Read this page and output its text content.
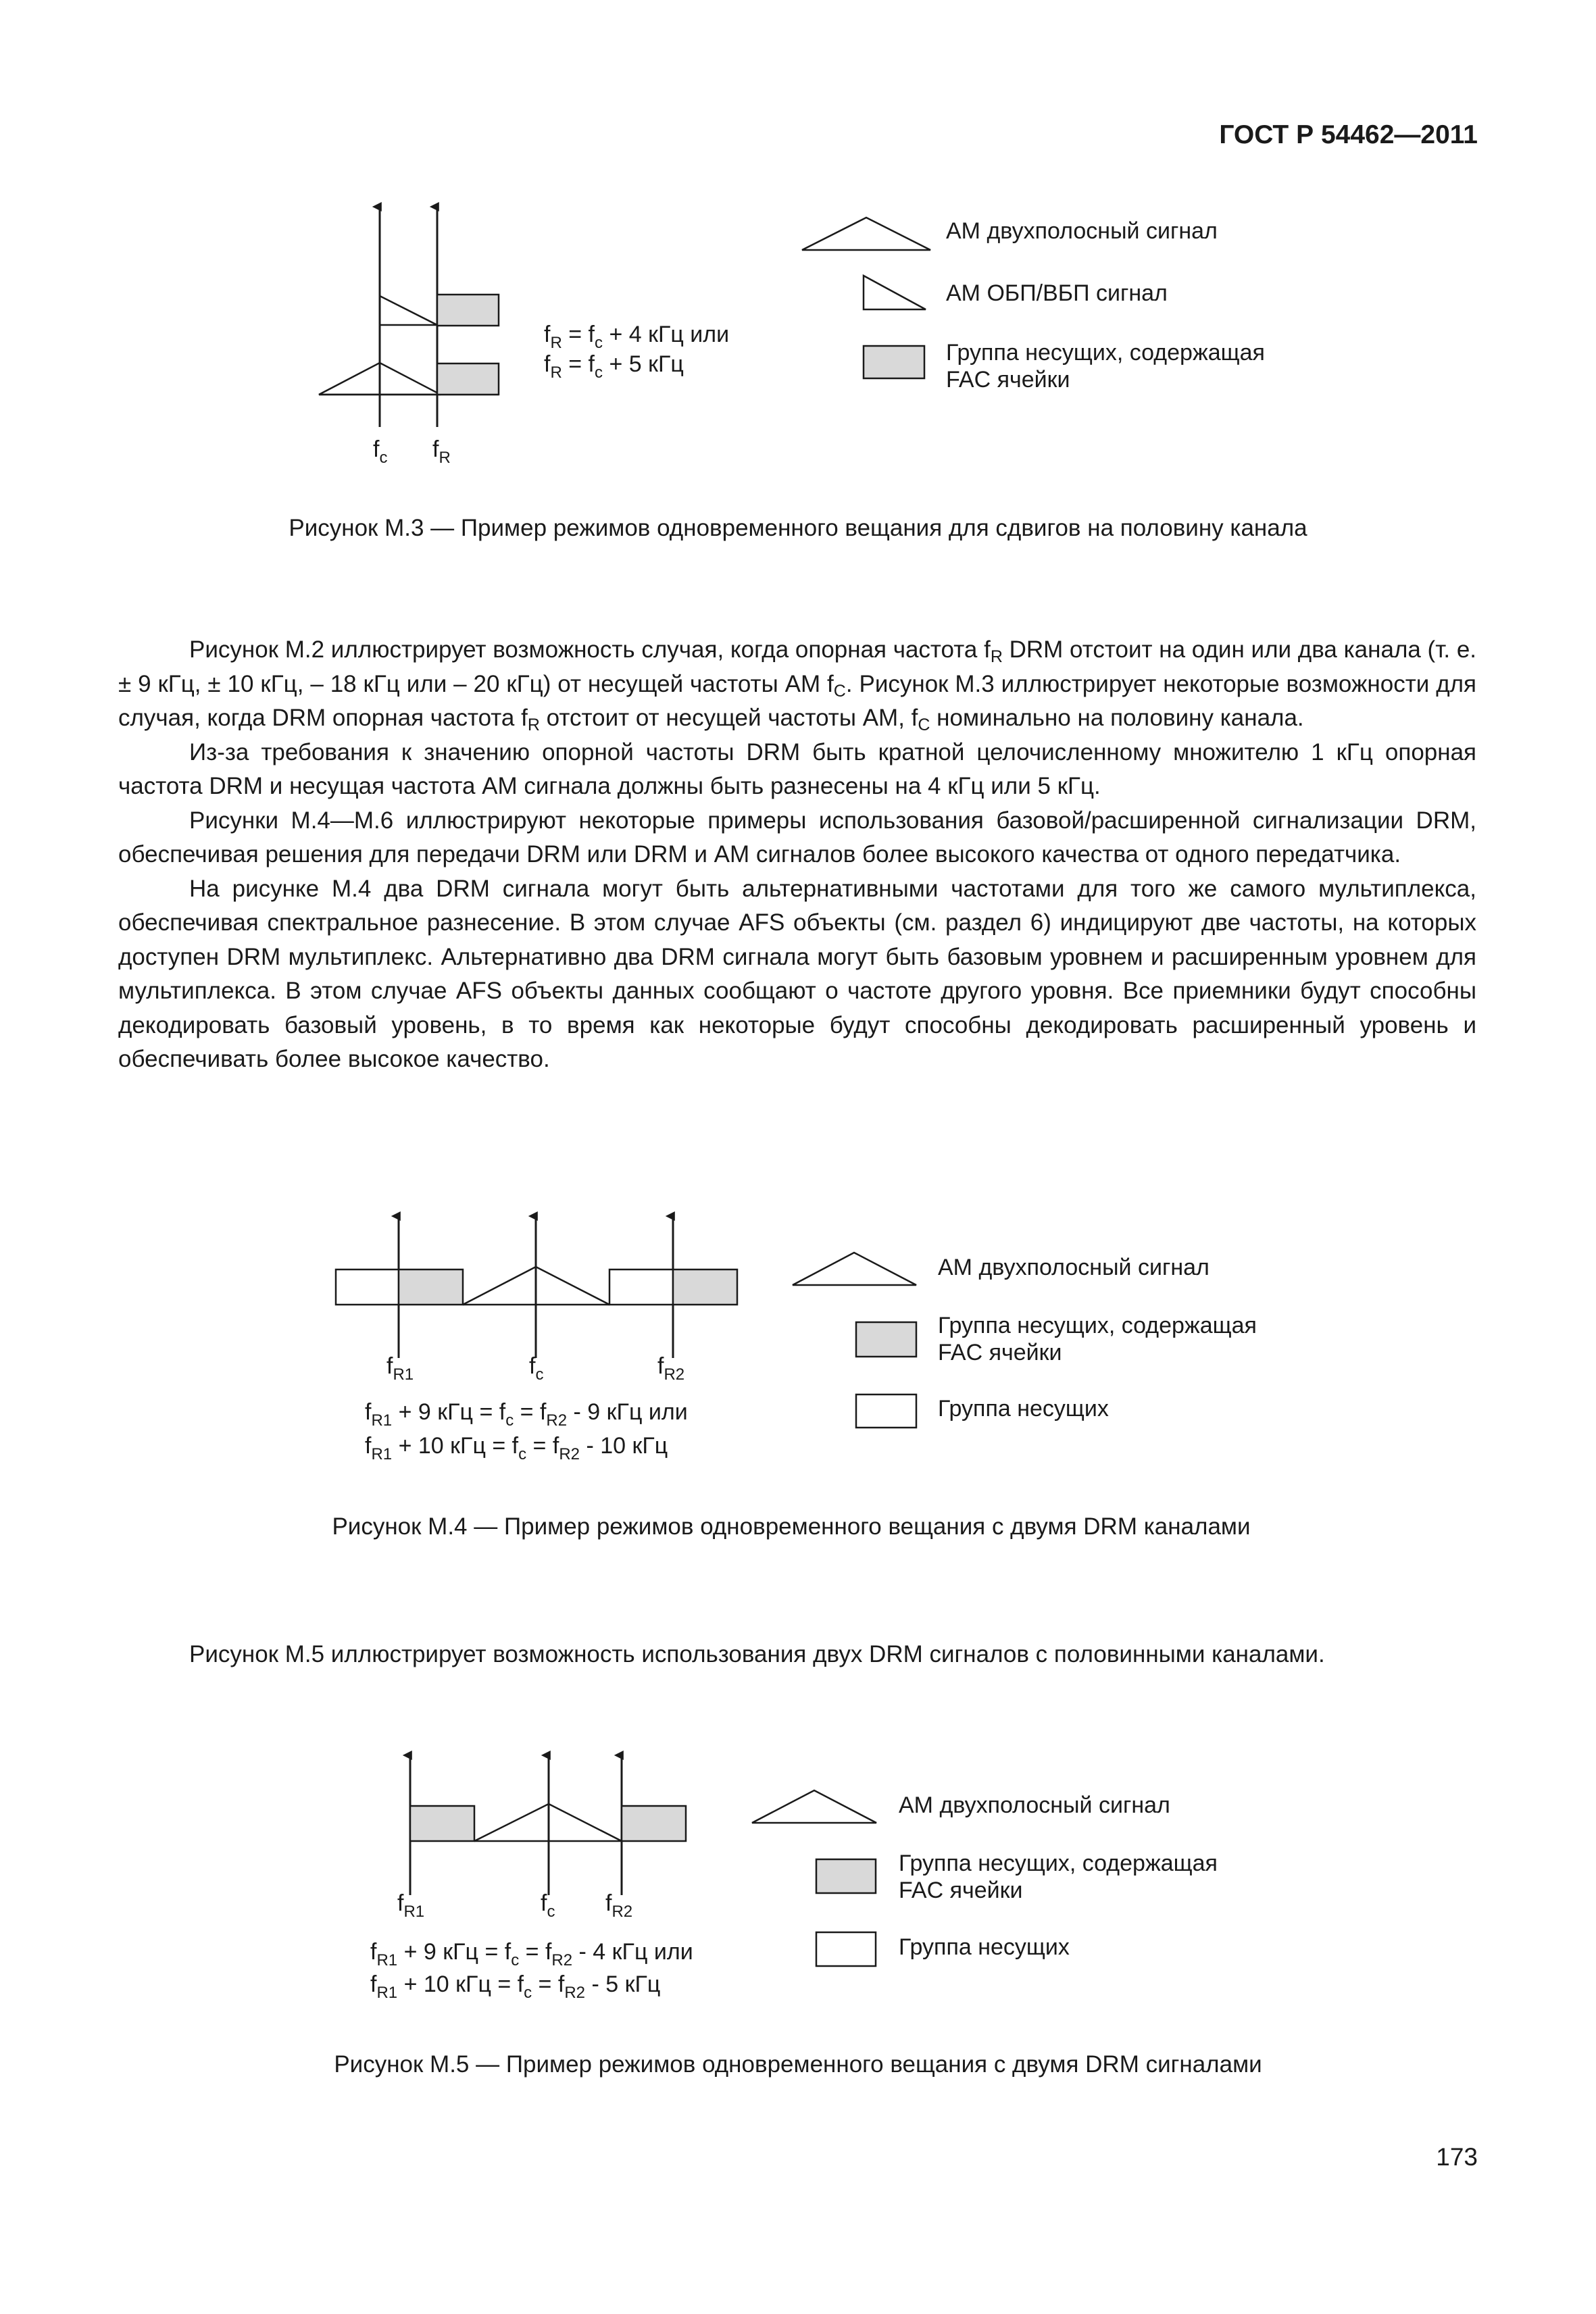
ГОСТ Р 54462—2011
$f_c$ $f_R$
$f_R = f_c + 4$ кГц или
$f_R = f_c + 5$ кГц
АМ двухполосный сигнал
АМ ОБП/ВБП сигнал
Группа несущих, содержащая FAC ячейки
Рисунок М.3 — Пример режимов одновременного вещания для сдвигов на половину канала

Рисунок М.2 иллюстрирует возможность случая, когда опорная частота $f_R$ DRM отстоит на один или два канала (т. е. ± 9 кГц, ± 10 кГц, – 18 кГц или – 20 кГц) от несущей частоты АМ $f_C$. Рисунок М.3 иллюстрирует некоторые возможности для случая, когда DRM опорная частота $f_R$ отстоит от несущей частоты АМ, $f_C$ номинально на половину канала.

Из-за требования к значению опорной частоты DRM быть кратной целочисленному множителю 1 кГц опорная частота DRM и несущая частота АМ сигнала должны быть разнесены на 4 кГц или 5 кГц.

Рисунки М.4—М.6 иллюстрируют некоторые примеры использования базовой/расширенной сигнализации DRM, обеспечивая решения для передачи DRM или DRM и АМ сигналов более высокого качества от одного передатчика.

На рисунке М.4 два DRM сигнала могут быть альтернативными частотами для того же самого мультиплекса, обеспечивая спектральное разнесение. В этом случае AFS объекты (см. раздел 6) индицируют две частоты, на которых доступен DRM мультиплекс. Альтернативно два DRM сигнала могут быть базовым уровнем и расширенным уровнем для мультиплекса. В этом случае AFS объекты данных сообщают о частоте другого уровня. Все приемники будут способны декодировать базовый уровень, в то время как некоторые будут способны декодировать расширенный уровень и обеспечивать более высокое качество.

$f_{R1}$	$f_c$	$f_{R2}$
$f_{R1} + 9$ кГц = $f_c = f_{R2} - 9$ кГц или
$f_{R1} + 10$ кГц = $f_c = f_{R2} - 10$ кГц
АМ двухполосный сигнал
Группа несущих, содержащая FAC ячейки
Группа несущих
Рисунок М.4 — Пример режимов одновременного вещания с двумя DRM каналами

Рисунок М.5 иллюстрирует возможность использования двух DRM сигналов с половинными каналами.

$f_{R1}$	$f_c$ $f_{R2}$
$f_{R1} + 9$ кГц = $f_c = f_{R2} - 4$ кГц или
$f_{R1} + 10$ кГц = $f_c = f_{R2} - 5$ кГц
АМ двухполосный сигнал
Группа несущих, содержащая FAC ячейки
Группа несущих
Рисунок М.5 — Пример режимов одновременного вещания с двумя DRM сигналами
173
